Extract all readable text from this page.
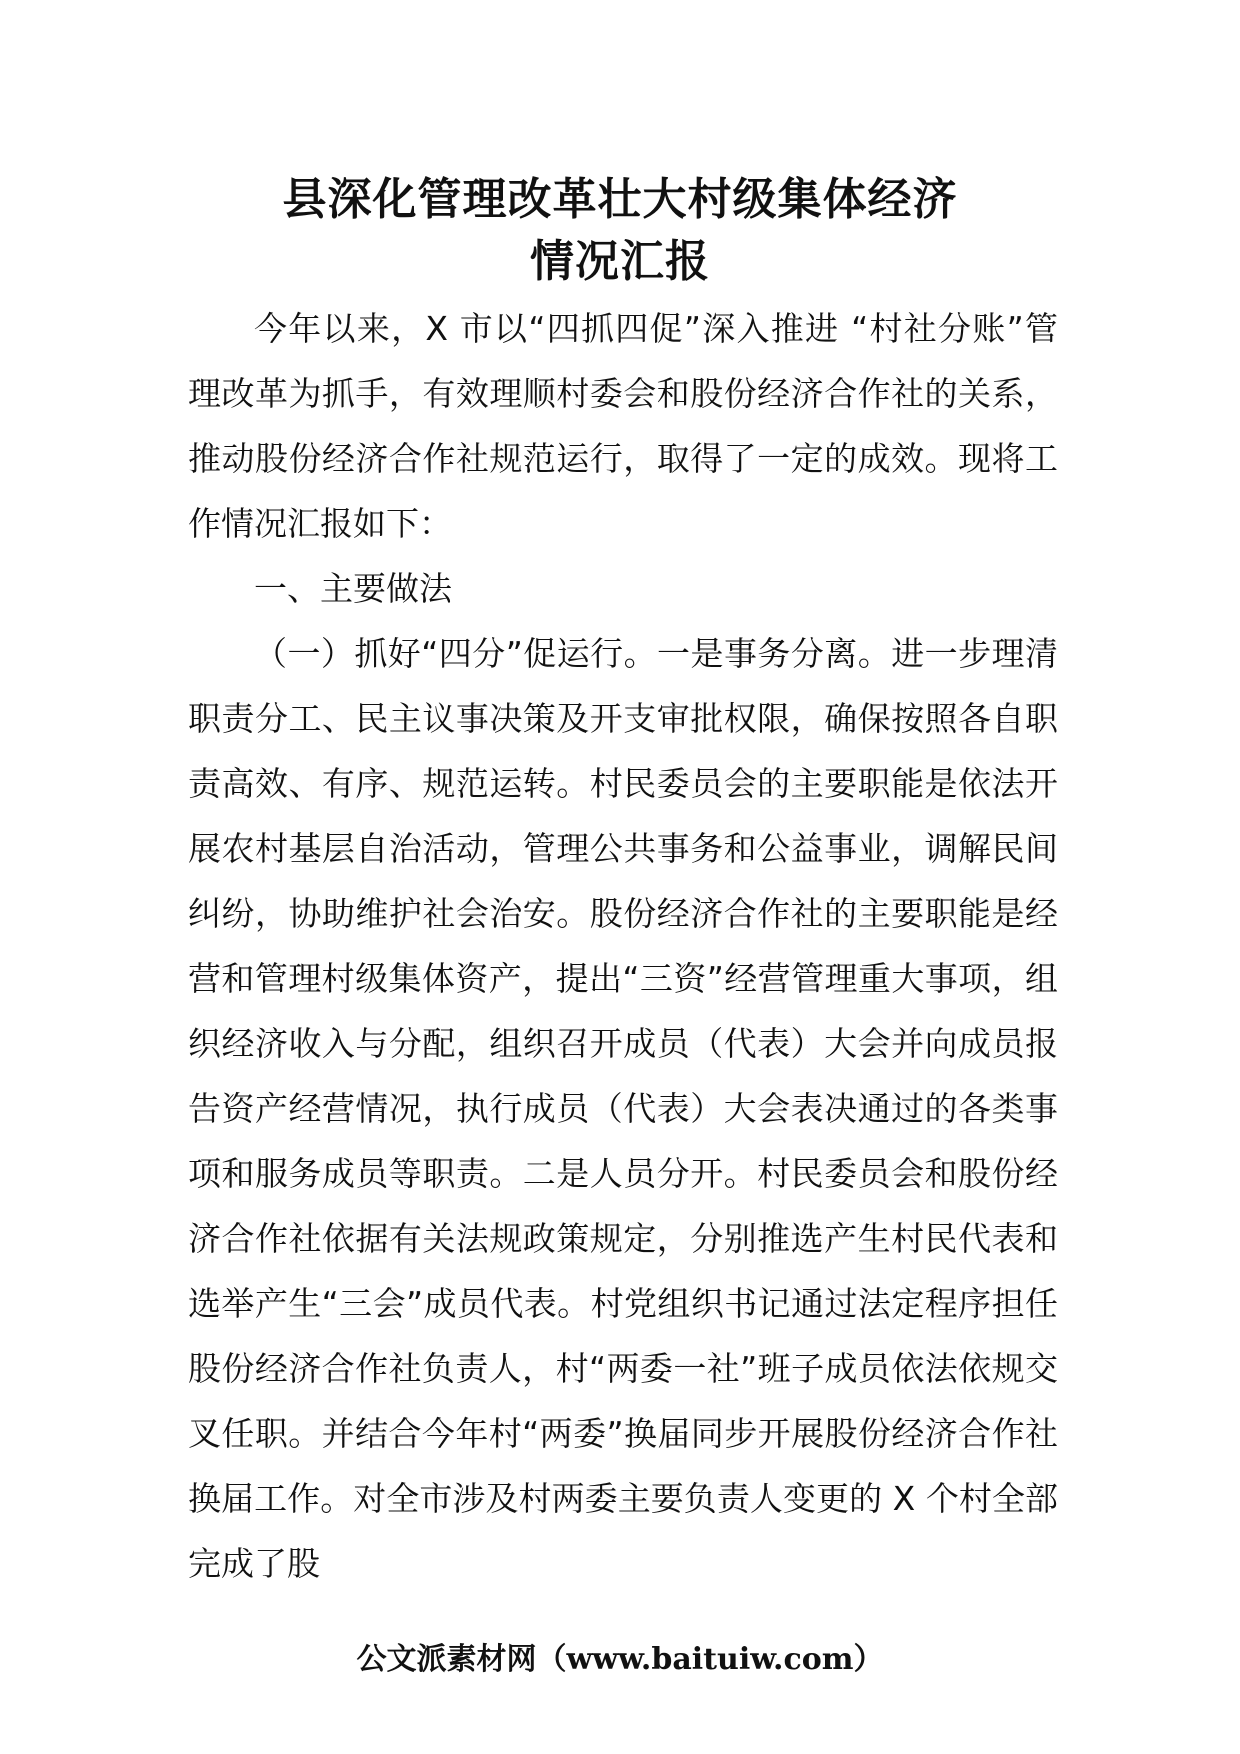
县深化管理改革壮大村级集体经济
情况汇报

今年以来，X 市以“四抓四促”深入推进 “村社分账”管理改革为抓手，有效理顺村委会和股份经济合作社的关系，推动股份经济合作社规范运行，取得了一定的成效。现将工作情况汇报如下：

一、主要做法

（一）抓好“四分”促运行。一是事务分离。进一步理清职责分工、民主议事决策及开支审批权限，确保按照各自职责高效、有序、规范运转。村民委员会的主要职能是依法开展农村基层自治活动，管理公共事务和公益事业，调解民间纠纷，协助维护社会治安。股份经济合作社的主要职能是经营和管理村级集体资产，提出“三资”经营管理重大事项，组织经济收入与分配，组织召开成员（代表）大会并向成员报告资产经营情况，执行成员（代表）大会表决通过的各类事项和服务成员等职责。二是人员分开。村民委员会和股份经济合作社依据有关法规政策规定，分别推选产生村民代表和选举产生“三会”成员代表。村党组织书记通过法定程序担任股份经济合作社负责人，村“两委一社”班子成员依法依规交叉任职。并结合今年村“两委”换届同步开展股份经济合作社换届工作。对全市涉及村两委主要负责人变更的 X 个村全部完成了股

公文派素材网（www.baituiw.com）
